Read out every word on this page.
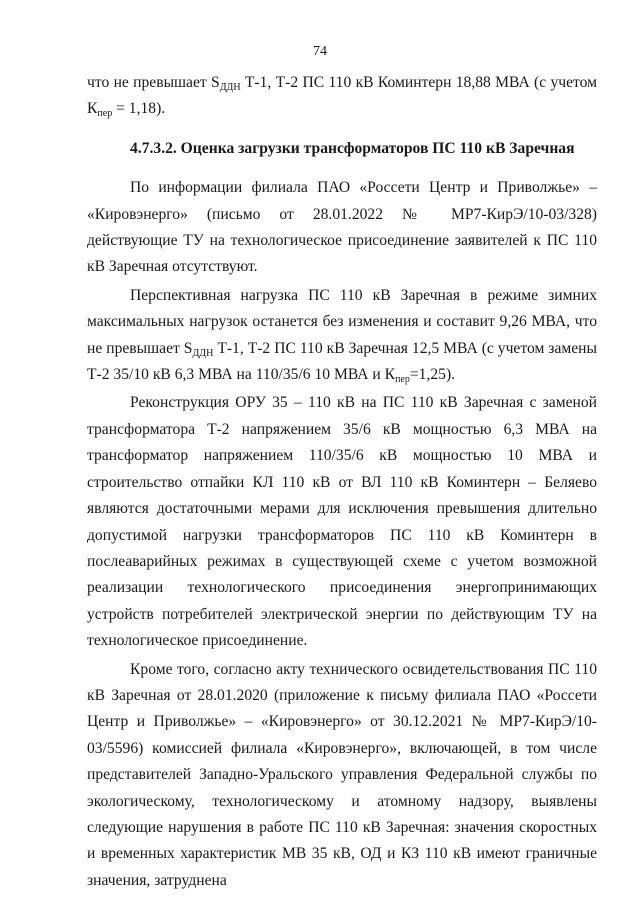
74

что не превышает $S_{ДДН}$ Т-1, Т-2 ПС 110 кВ Коминтерн 18,88 МВА (с учетом $К_{пер} = 1,18$).

4.7.3.2. Оценка загрузки трансформаторов ПС 110 кВ Заречная

По информации филиала ПАО «Россети Центр и Приволжье» – «Кировэнерго» (письмо от 28.01.2022 № МР7-КирЭ/10-03/328) действующие ТУ на технологическое присоединение заявителей к ПС 110 кВ Заречная отсутствуют.

Перспективная нагрузка ПС 110 кВ Заречная в режиме зимних максимальных нагрузок останется без изменения и составит 9,26 МВА, что не превышает $S_{ДДН}$ Т-1, Т-2 ПС 110 кВ Заречная 12,5 МВА (с учетом замены Т-2 35/10 кВ 6,3 МВА на 110/35/6 10 МВА и $К_{пер}=1,25$).

Реконструкция ОРУ 35 – 110 кВ на ПС 110 кВ Заречная с заменой трансформатора Т-2 напряжением 35/6 кВ мощностью 6,3 МВА на трансформатор напряжением 110/35/6 кВ мощностью 10 МВА и строительство отпайки КЛ 110 кВ от ВЛ 110 кВ Коминтерн – Беляево являются достаточными мерами для исключения превышения длительно допустимой нагрузки трансформаторов ПС 110 кВ Коминтерн в послеаварийных режимах в существующей схеме с учетом возможной реализации технологического присоединения энергопринимающих устройств потребителей электрической энергии по действующим ТУ на технологическое присоединение.

Кроме того, согласно акту технического освидетельствования ПС 110 кВ Заречная от 28.01.2020 (приложение к письму филиала ПАО «Россети Центр и Приволжье» – «Кировэнерго» от 30.12.2021 № МР7-КирЭ/10-03/5596) комиссией филиала «Кировэнерго», включающей, в том числе представителей Западно-Уральского управления Федеральной службы по экологическому, технологическому и атомному надзору, выявлены следующие нарушения в работе ПС 110 кВ Заречная: значения скоростных и временных характеристик МВ 35 кВ, ОД и КЗ 110 кВ имеют граничные значения, затруднена
